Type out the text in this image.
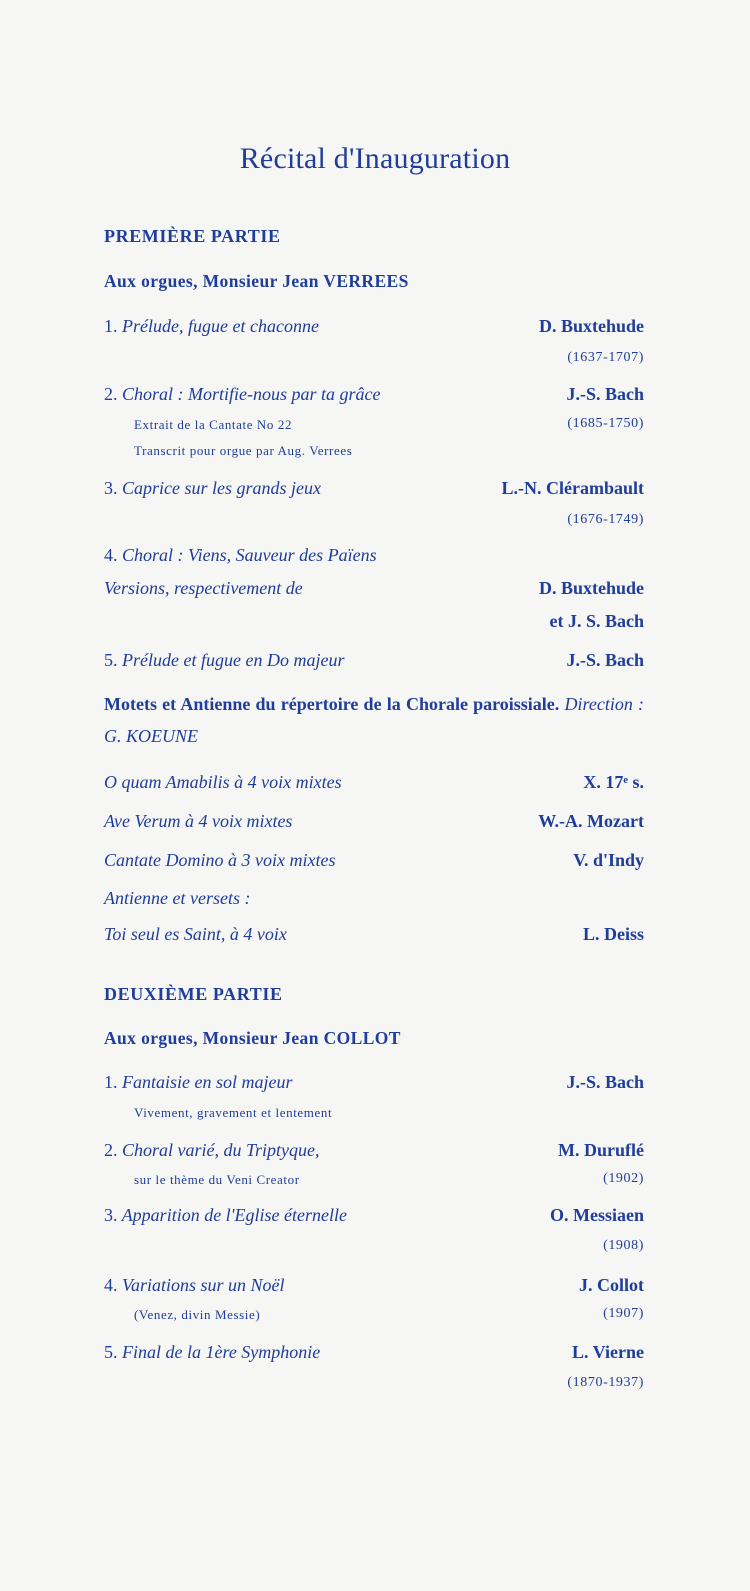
Récital d'Inauguration
PREMIÈRE PARTIE
Aux orgues, Monsieur Jean VERREES
1. Prélude, fugue et chaconne	D. Buxtehude
(1637-1707)
2. Choral : Mortifie-nous par ta grâce	J.-S. Bach
Extrait de la Cantate No 22	(1685-1750)
Transcrit pour orgue par Aug. Verrees
3. Caprice sur les grands jeux	L.-N. Clérambault
(1676-1749)
4. Choral : Viens, Sauveur des Païens
Versions, respectivement de	D. Buxtehude
et J. S. Bach
5. Prélude et fugue en Do majeur	J.-S. Bach
Motets et Antienne du répertoire de la Chorale paroissiale. Direction : G. KOEUNE
O quam Amabilis à 4 voix mixtes	X. 17ᵉ s.
Ave Verum à 4 voix mixtes	W.-A. Mozart
Cantate Domino à 3 voix mixtes	V. d'Indy
Antienne et versets :
Toi seul es Saint, à 4 voix	L. Deiss
DEUXIÈME PARTIE
Aux orgues, Monsieur Jean COLLOT
1. Fantaisie en sol majeur	J.-S. Bach
Vivement, gravement et lentement
2. Choral varié, du Triptyque,	M. Duruflé
sur le thème du Veni Creator	(1902)
3. Apparition de l'Eglise éternelle	O. Messiaen
(1908)
4. Variations sur un Noël	J. Collot
(Venez, divin Messie)	(1907)
5. Final de la 1ère Symphonie	L. Vierne
(1870-1937)
